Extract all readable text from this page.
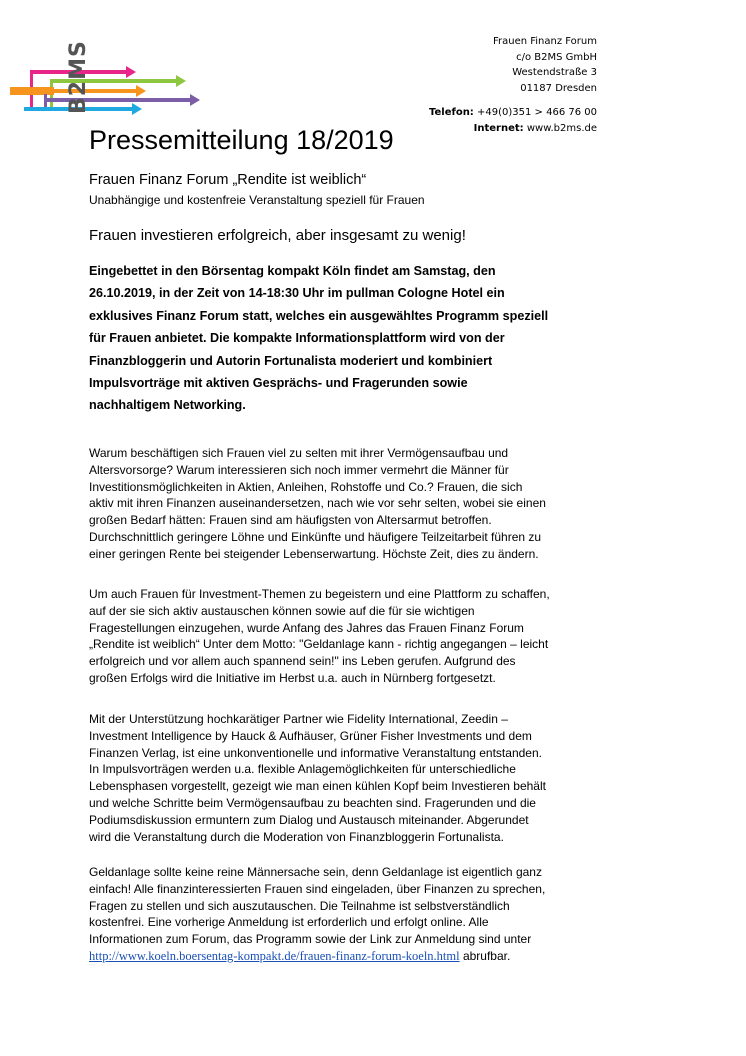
B2MS	Frauen Finanz Forum
c/o B2MS GmbH
Westendstraße 3
01187 Dresden
Telefon: +49(0)351 > 466 76 00
Internet: www.b2ms.de
Pressemitteilung 18/2019
Frauen Finanz Forum „Rendite ist weiblich“
Unabhängige und kostenfreie Veranstaltung speziell für Frauen
Frauen investieren erfolgreich, aber insgesamt zu wenig!
Eingebettet in den Börsentag kompakt Köln findet am Samstag, den
26.10.2019, in der Zeit von 14-18:30 Uhr im pullman Cologne Hotel ein
exklusives Finanz Forum statt, welches ein ausgewähltes Programm speziell
für Frauen anbietet. Die kompakte Informationsplattform wird von der
Finanzbloggerin und Autorin Fortunalista moderiert und kombiniert
Impulsvorträge mit aktiven Gesprächs- und Fragerunden sowie
nachhaltigem Networking.
Warum beschäftigen sich Frauen viel zu selten mit ihrer Vermögensaufbau und
Altersvorsorge? Warum interessieren sich noch immer vermehrt die Männer für
Investitionsmöglichkeiten in Aktien, Anleihen, Rohstoffe und Co.? Frauen, die sich
aktiv mit ihren Finanzen auseinandersetzen, nach wie vor sehr selten, wobei sie einen
großen Bedarf hätten: Frauen sind am häufigsten von Altersarmut betroffen.
Durchschnittlich geringere Löhne und Einkünfte und häufigere Teilzeitarbeit führen zu
einer geringen Rente bei steigender Lebenserwartung. Höchste Zeit, dies zu ändern.
Um auch Frauen für Investment-Themen zu begeistern und eine Plattform zu schaffen,
auf der sie sich aktiv austauschen können sowie auf die für sie wichtigen
Fragestellungen einzugehen, wurde Anfang des Jahres das Frauen Finanz Forum
„Rendite ist weiblich“ Unter dem Motto: "Geldanlage kann - richtig angegangen – leicht
erfolgreich und vor allem auch spannend sein!" ins Leben gerufen. Aufgrund des
großen Erfolgs wird die Initiative im Herbst u.a. auch in Nürnberg fortgesetzt.
Mit der Unterstützung hochkarätiger Partner wie Fidelity International, Zeedin –
Investment Intelligence by Hauck & Aufhäuser, Grüner Fisher Investments und dem
Finanzen Verlag, ist eine unkonventionelle und informative Veranstaltung entstanden.
In Impulsvorträgen werden u.a. flexible Anlagemöglichkeiten für unterschiedliche
Lebensphasen vorgestellt, gezeigt wie man einen kühlen Kopf beim Investieren behält
und welche Schritte beim Vermögensaufbau zu beachten sind. Fragerunden und die
Podiumsdiskussion ermuntern zum Dialog und Austausch miteinander. Abgerundet
wird die Veranstaltung durch die Moderation von Finanzbloggerin Fortunalista.
Geldanlage sollte keine reine Männersache sein, denn Geldanlage ist eigentlich ganz
einfach! Alle finanzinteressierten Frauen sind eingeladen, über Finanzen zu sprechen,
Fragen zu stellen und sich auszutauschen. Die Teilnahme ist selbstverständlich
kostenfrei. Eine vorherige Anmeldung ist erforderlich und erfolgt online. Alle
Informationen zum Forum, das Programm sowie der Link zur Anmeldung sind unter
http://www.koeln.boersentag-kompakt.de/frauen-finanz-forum-koeln.html abrufbar.
